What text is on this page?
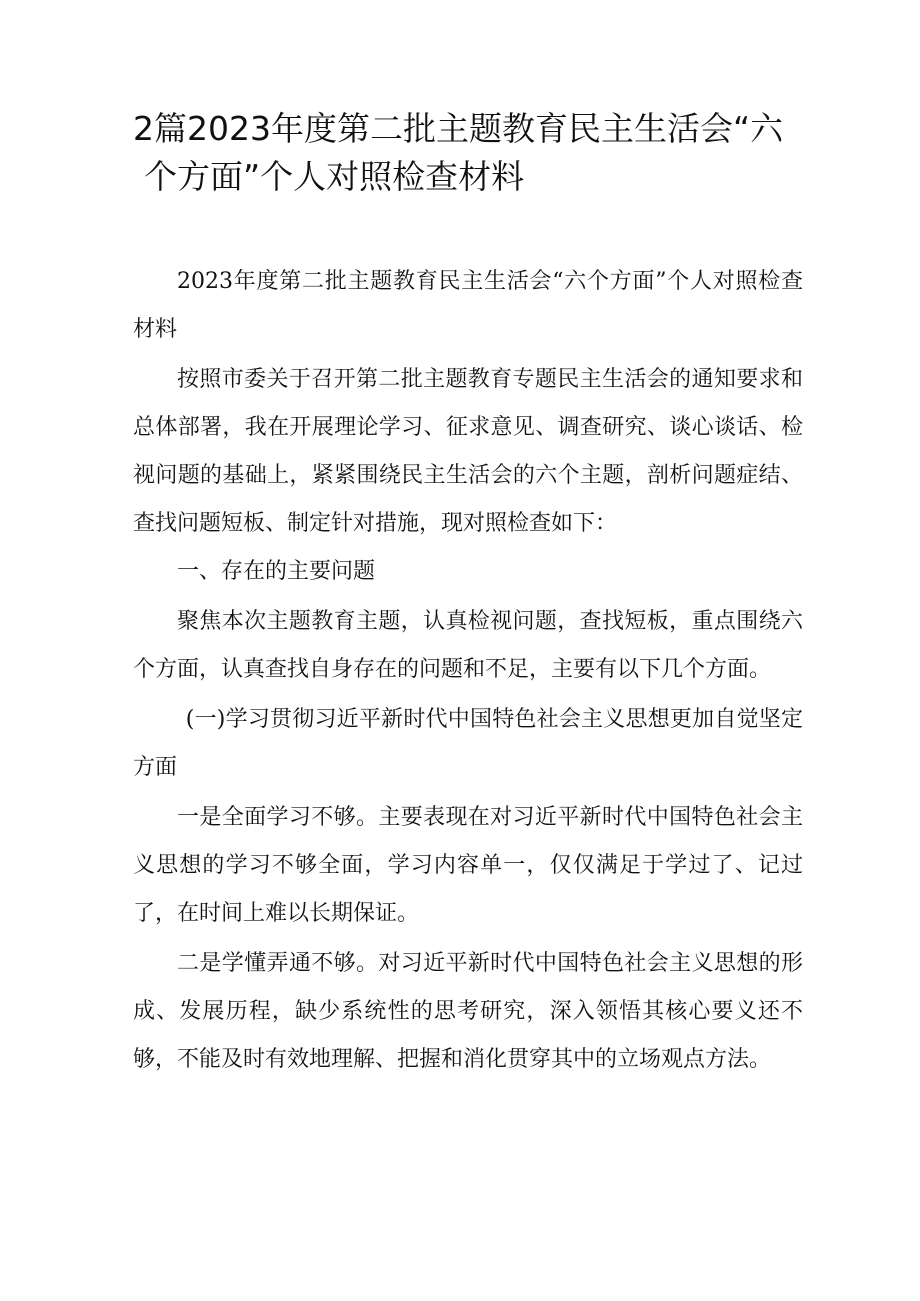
2篇2023年度第二批主题教育民主生活会“六
个方面”个人对照检查材料

2023年度第二批主题教育民主生活会“六个方面”个人对照检查材料

按照市委关于召开第二批主题教育专题民主生活会的通知要求和总体部署，我在开展理论学习、征求意见、调查研究、谈心谈话、检视问题的基础上，紧紧围绕民主生活会的六个主题，剖析问题症结、查找问题短板、制定针对措施，现对照检查如下：

一、存在的主要问题

聚焦本次主题教育主题，认真检视问题，查找短板，重点围绕六个方面，认真查找自身存在的问题和不足，主要有以下几个方面。

(一)学习贯彻习近平新时代中国特色社会主义思想更加自觉坚定方面

一是全面学习不够。主要表现在对习近平新时代中国特色社会主义思想的学习不够全面，学习内容单一，仅仅满足于学过了、记过了，在时间上难以长期保证。

二是学懂弄通不够。对习近平新时代中国特色社会主义思想的形成、发展历程，缺少系统性的思考研究，深入领悟其核心要义还不够，不能及时有效地理解、把握和消化贯穿其中的立场观点方法。
